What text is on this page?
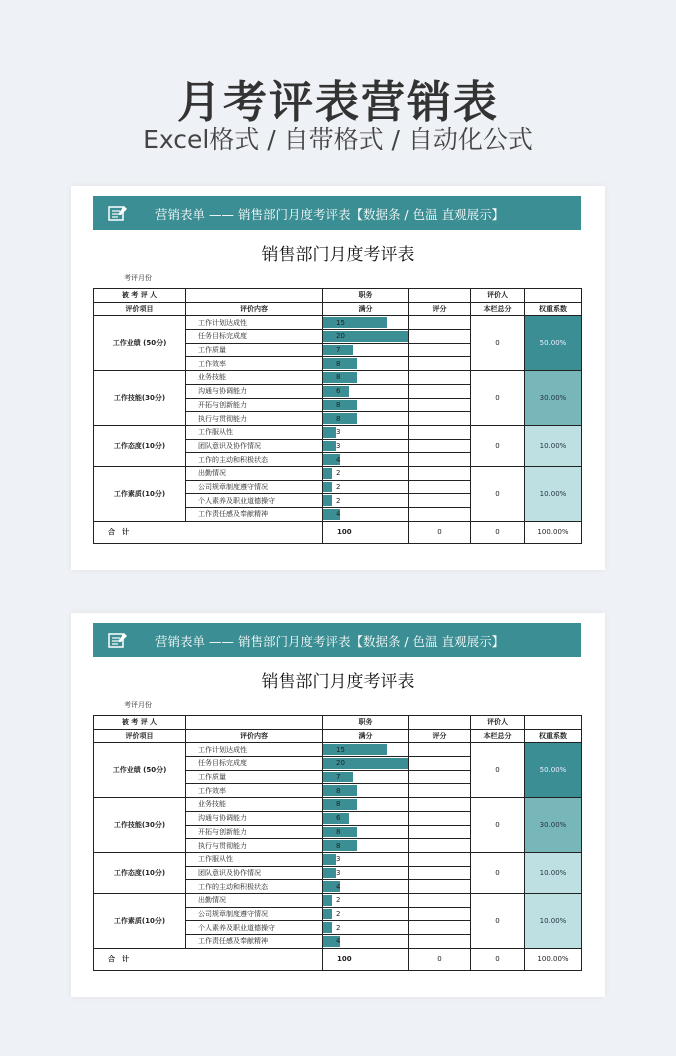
月考评表营销表
Excel格式 / 自带格式 / 自动化公式
营销表单 —— 销售部门月度考评表【数据条 / 色温 直观展示】
销售部门月度考评表
考评月份
被 考 评 人		职务		评价人	
评价项目	评价内容	满分	评分	本栏总分	权重系数
工作业绩 (50分)	工作计划达成性	15		0	50.00%
	任务目标完成度	20			
	工作质量	7			
	工作效率	8			
工作技能(30分)	业务技能	8		0	30.00%
	沟通与协调能力	6			
	开拓与创新能力	8			
	执行与贯彻能力	8			
工作态度(10分)	工作服从性	3		0	10.00%
	团队意识及协作情况	3			
	工作的主动和积极状态	4			
工作素质(10分)	出勤情况	2		0	10.00%
	公司规章制度遵守情况	2			
	个人素养及职业道德操守	2			
	工作责任感及奉献精神	4			
合　计		100	0	0	100.00%
营销表单 —— 销售部门月度考评表【数据条 / 色温 直观展示】
销售部门月度考评表
考评月份
被 考 评 人		职务		评价人	
评价项目	评价内容	满分	评分	本栏总分	权重系数
工作业绩 (50分)	工作计划达成性	15		0	50.00%
	任务目标完成度	20			
	工作质量	7			
	工作效率	8			
工作技能(30分)	业务技能	8		0	30.00%
	沟通与协调能力	6			
	开拓与创新能力	8			
	执行与贯彻能力	8			
工作态度(10分)	工作服从性	3		0	10.00%
	团队意识及协作情况	3			
	工作的主动和积极状态	4			
工作素质(10分)	出勤情况	2		0	10.00%
	公司规章制度遵守情况	2			
	个人素养及职业道德操守	2			
	工作责任感及奉献精神	4			
合　计		100	0	0	100.00%
